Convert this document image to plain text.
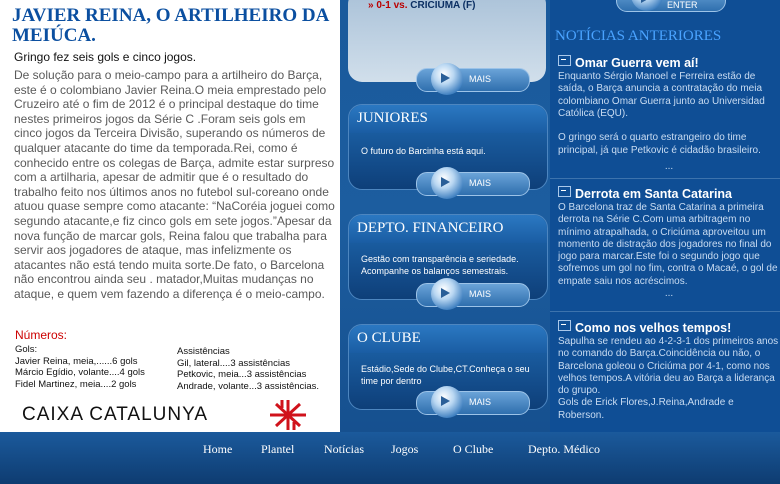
JAVIER REINA, O ARTILHEIRO DA MEIÚCA.
Gringo fez seis gols e cinco jogos.

De solução para o meio-campo para a artilheiro do Barça, este é o colombiano Javier Reina.O meia emprestado pelo Cruzeiro até o fim de 2012 é o principal destaque do time nestes primeiros jogos da Série C .Foram seis gols em cinco jogos da Terceira Divisão, superando os números de qualquer atacante do time da temporada.Rei, como é conhecido entre os colegas de Barça, admite estar surpreso com a artilharia, apesar de admitir que é o resultado do trabalho feito nos últimos anos no futebol sul-coreano onde atuou quase sempre como atacante: “NaCoréia joguei como segundo atacante,e fiz cinco gols em sete jogos.”Apesar da nova função de marcar gols, Reina falou que trabalha para servir aos jogadores de ataque, mas infelizmente os atacantes não está tendo muita sorte.De fato, o Barcelona não encontrou ainda seu . matador,Muitas mudanças no ataque, e quem vem fazendo a diferença é o meio-campo.

Números:
Gols:
Javier Reina, meia,......6 gols
Márcio Egídio, volante....4 gols
Fidel Martinez, meia....2 gols
Assistências
Gil, lateral....3 assistências
Petkovic, meia...3 assistências
Andrade, volante...3 assistências.
CAIXA CATALUNYA
» 0-1 vs. CRICIÚMA (F)
MAIS
JUNIORES
O futuro do Barcinha está aqui.
MAIS
DEPTO. FINANCEIRO
Gestão com transparência e seriedade. Acompanhe os balanços semestrais.
MAIS
O CLUBE
Estádio,Sede do Clube,CT.Conheça o seu time por dentro
MAIS
ENTER
NOTÍCIAS ANTERIORES
Omar Guerra vem aí!
Enquanto Sérgio Manoel e Ferreira estão de saída, o Barça anuncia a contratação do meia colombiano Omar Guerra junto ao Universidad Católica (EQU).

O gringo será o quarto estrangeiro do time principal, já que Petkovic é cidadão brasileiro.
...
Derrota em Santa Catarina
O Barcelona traz de Santa Catarina a primeira derrota na Série C.Com uma arbitragem no mínimo atrapalhada, o Criciúma aproveitou um momento de distração dos jogadores no final do jogo para marcar.Este foi o segundo jogo que sofremos um gol no fim, contra o Macaé, o gol de empate saiu nos acréscimos.
...
Como nos velhos tempos!
Sapulha se rendeu ao 4-2-3-1 dos primeiros anos no comando do Barça.Coincidência ou não, o Barcelona goleou o Criciúma por 4-1, como nos velhos tempos.A vitória deu ao Barça a liderança do grupo.
Gols de Erick Flores,J.Reina,Andrade e Roberson.
Home Plantel Notícias Jogos	O Clube	Depto. Médico
